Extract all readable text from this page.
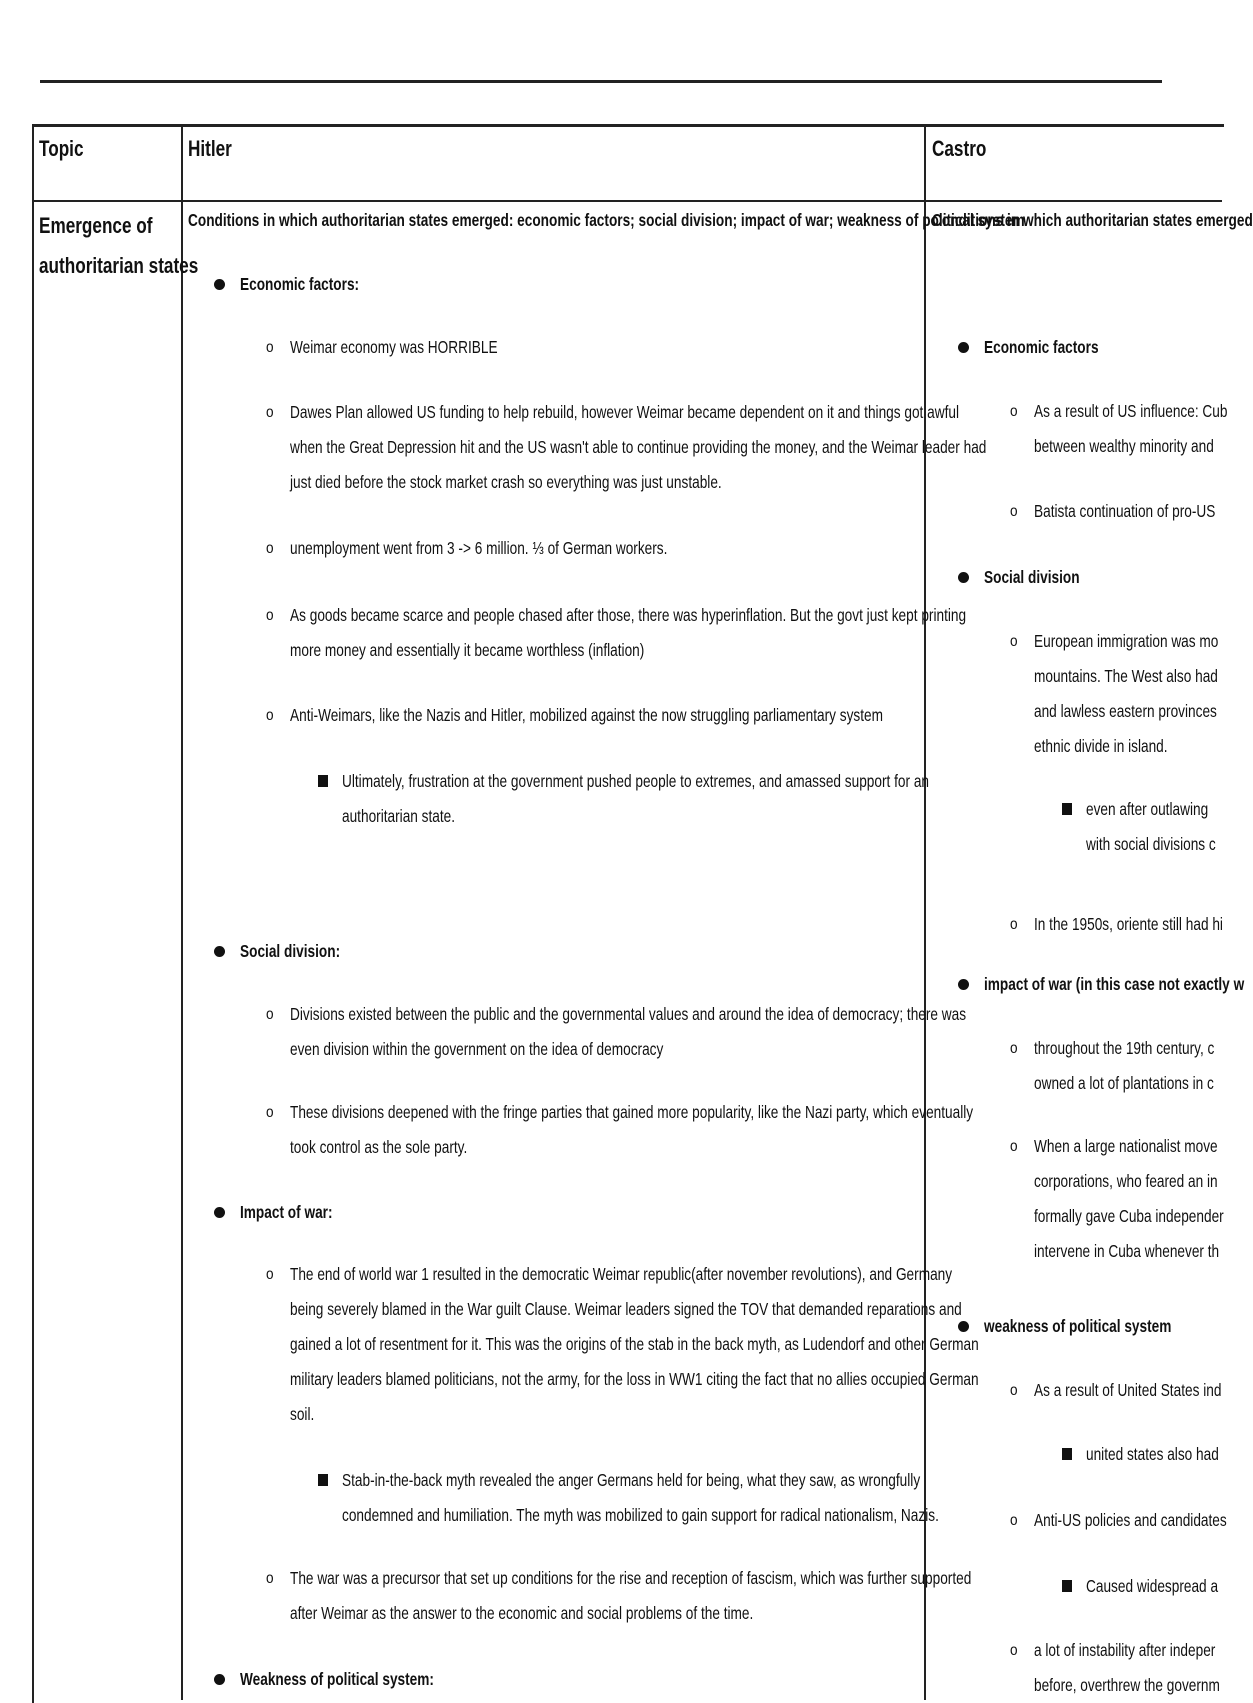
Topic	Hitler	Castro
Emergence of
authoritarian states
Conditions in which authoritarian states emerged: economic factors; social division; impact of war; weakness of political system
Economic factors:
o Weimar economy was HORRIBLE
o Dawes Plan allowed US funding to help rebuild, however Weimar became dependent on it and things got awful
when the Great Depression hit and the US wasn't able to continue providing the money, and the Weimar leader had
just died before the stock market crash so everything was just unstable.
o unemployment went from 3 -> 6 million. ⅓ of German workers.
o As goods became scarce and people chased after those, there was hyperinflation. But the govt just kept printing
more money and essentially it became worthless (inflation)
o Anti-Weimars, like the Nazis and Hitler, mobilized against the now struggling parliamentary system
Ultimately, frustration at the government pushed people to extremes, and amassed support for an
authoritarian state.
Social division:
o Divisions existed between the public and the governmental values and around the idea of democracy; there was
even division within the government on the idea of democracy
o These divisions deepened with the fringe parties that gained more popularity, like the Nazi party, which eventually
took control as the sole party.
Impact of war:
o The end of world war 1 resulted in the democratic Weimar republic(after november revolutions), and Germany
being severely blamed in the War guilt Clause. Weimar leaders signed the TOV that demanded reparations and
gained a lot of resentment for it. This was the origins of the stab in the back myth, as Ludendorf and other German
military leaders blamed politicians, not the army, for the loss in WW1 citing the fact that no allies occupied German
soil.
Stab-in-the-back myth revealed the anger Germans held for being, what they saw, as wrongfully
condemned and humiliation. The myth was mobilized to gain support for radical nationalism, Nazis.
o The war was a precursor that set up conditions for the rise and reception of fascism, which was further supported
after Weimar as the answer to the economic and social problems of the time.
Weakness of political system:
Conditions in which authoritarian states emerged
Economic factors
o As a result of US influence: Cub
between wealthy minority and
o Batista continuation of pro-US
Social division
o European immigration was mo
mountains. The West also had
and lawless eastern provinces
ethnic divide in island.
even after outlawing
with social divisions c
o In the 1950s, oriente still had hi
impact of war (in this case not exactly w
o throughout the 19th century, c
owned a lot of plantations in c
o When a large nationalist move
corporations, who feared an in
formally gave Cuba independer
intervene in Cuba whenever th
weakness of political system
o As a result of United States ind
united states also had
o Anti-US policies and candidates
Caused widespread a
o a lot of instability after indeper
before, overthrew the governm
